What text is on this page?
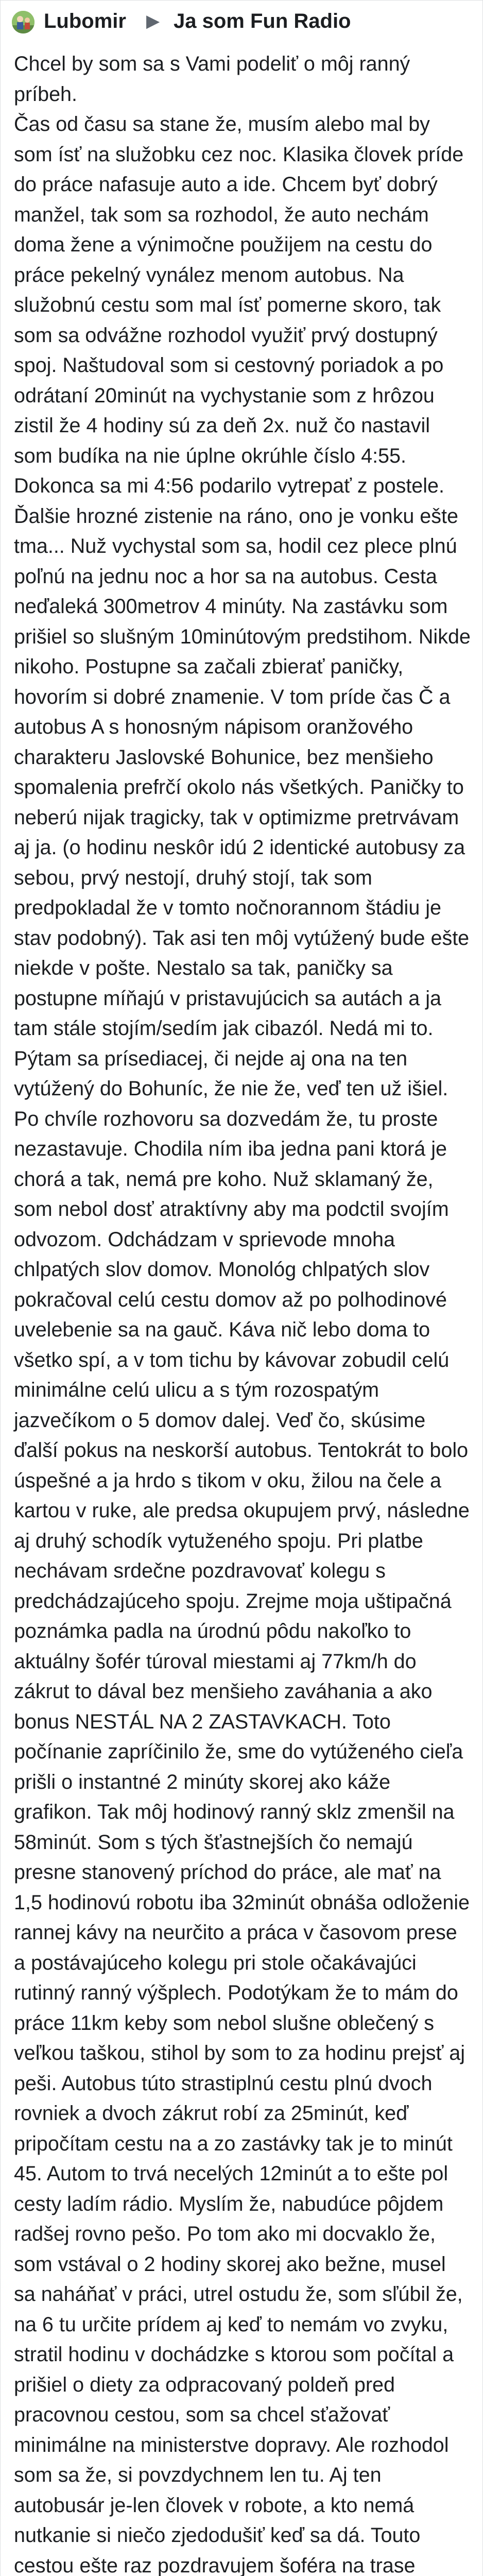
Lubomir ▶ Ja som Fun Radio
Chcel by som sa s Vami podeliť o môj ranný príbeh.
Čas od času sa stane že, musím alebo mal by som ísť na služobku cez noc. Klasika človek príde do práce nafasuje auto a ide. Chcem byť dobrý manžel, tak som sa rozhodol, že auto nechám doma žene a výnimočne použijem na cestu do práce pekelný vynález menom autobus. Na služobnú cestu som mal ísť pomerne skoro, tak som sa odvážne rozhodol využiť prvý dostupný spoj. Naštudoval som si cestovný poriadok a po odrátaní 20minút na vychystanie som z hrôzou zistil že 4 hodiny sú za deň 2x. nuž čo nastavil som budíka na nie úplne okrúhle číslo 4:55. Dokonca sa mi 4:56 podarilo vytrepať z postele. Ďalšie hrozné zistenie na ráno, ono je vonku ešte tma... Nuž vychystal som sa, hodil cez plece plnú poľnú na jednu noc a hor sa na autobus. Cesta neďaleká 300metrov 4 minúty. Na zastávku som prišiel so slušným 10minútovým predstihom. Nikde nikoho. Postupne sa začali zbierať paničky, hovorím si dobré znamenie. V tom príde čas Č a autobus A s honosným nápisom oranžového charakteru Jaslovské Bohunice, bez menšieho spomalenia prefrčí okolo nás všetkých. Paničky to neberú nijak tragicky, tak v optimizme pretrvávam aj ja. (o hodinu neskôr idú 2 identické autobusy za sebou, prvý nestojí, druhý stojí, tak som predpokladal že v tomto nočnorannom štádiu je stav podobný). Tak asi ten môj vytúžený bude ešte niekde v pošte. Nestalo sa tak, paničky sa postupne míňajú v pristavujúcich sa autách a ja tam stále stojím/sedím jak cibazól. Nedá mi to. Pýtam sa prísediacej, či nejde aj ona na ten vytúžený do Bohuníc, že nie že, veď ten už išiel. Po chvíle rozhovoru sa dozvedám že, tu proste nezastavuje. Chodila ním iba jedna pani ktorá je chorá a tak, nemá pre koho. Nuž sklamaný že, som nebol dosť atraktívny aby ma podctil svojím odvozom. Odchádzam v sprievode mnoha chlpatých slov domov. Monológ chlpatých slov pokračoval celú cestu domov až po polhodinové uvelebenie sa na gauč. Káva nič lebo doma to všetko spí, a v tom tichu by kávovar zobudil celú minimálne celú ulicu a s tým rozospatým jazvečíkom o 5 domov dalej. Veď čo, skúsime ďalší pokus na neskorší autobus. Tentokrát to bolo úspešné a ja hrdo s tikom v oku, žilou na čele a kartou v ruke, ale predsa okupujem prvý, následne aj druhý schodík vytuženého spoju. Pri platbe nechávam srdečne pozdravovať kolegu s predchádzajúceho spoju. Zrejme moja uštipačná poznámka padla na úrodnú pôdu nakoľko to aktuálny šofér túroval miestami aj 77km/h do zákrut to dával bez menšieho zaváhania a ako bonus NESTÁL NA 2 ZASTAVKACH. Toto počínanie zapríčinilo že, sme do vytúženého cieľa prišli o instantné 2 minúty skorej ako káže grafikon. Tak môj hodinový ranný sklz zmenšil na 58minút. Som s tých šťastnejších čo nemajú presne stanovený príchod do práce, ale mať na 1,5 hodinovú robotu iba 32minút obnáša odloženie rannej kávy na neurčito a práca v časovom prese a postávajúceho kolegu pri stole očakávajúci rutinný ranný výšplech. Podotýkam že to mám do práce 11km keby som nebol slušne oblečený s veľkou taškou, stihol by som to za hodinu prejsť aj peši. Autobus túto strastiplnú cestu plnú dvoch rovniek a dvoch zákrut robí za 25minút, keď pripočítam cestu na a zo zastávky tak je to minút 45. Autom to trvá necelých 12minút a to ešte pol cesty ladím rádio. Myslím že, nabudúce pôjdem radšej rovno pešo. Po tom ako mi docvaklo že, som vstával o 2 hodiny skorej ako bežne, musel sa naháňať v práci, utrel ostudu že, som sľúbil že, na 6 tu určite prídem aj keď to nemám vo zvyku, stratil hodinu v dochádzke s ktorou som počítal a prišiel o diety za odpracovaný poldeň pred pracovnou cestou, som sa chcel sťažovať minimálne na ministerstve dopravy. Ale rozhodol som sa že, si povzdychnem len tu. Aj ten autobusár je-len človek v robote, a kto nemá nutkanie si niečo zjedodušiť keď sa dá. Touto cestou ešte raz pozdravujem šoféra na trase
